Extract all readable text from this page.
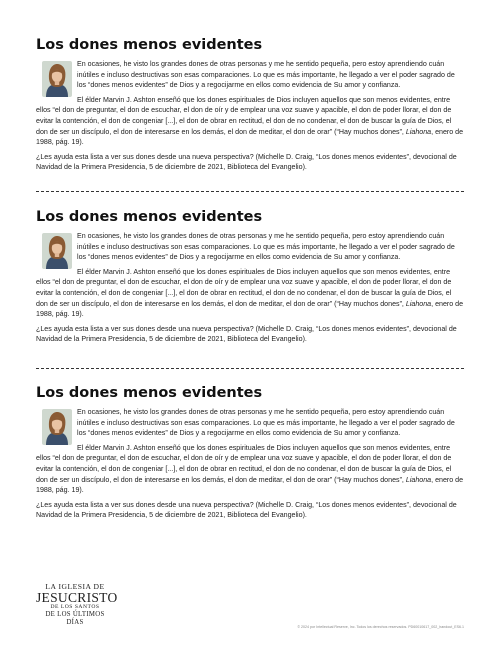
Los dones menos evidentes

En ocasiones, he visto los grandes dones de otras personas y me he sentido pequeña, pero estoy aprendiendo cuán inútiles e incluso destructivas son esas comparaciones. Lo que es más importante, he llegado a ver el poder sagrado de los “dones menos evidentes” de Dios y a regocijarme en ellos como evidencia de Su amor y confianza.

El élder Marvin J. Ashton enseñó que los dones espirituales de Dios incluyen aquellos que son menos evidentes, entre ellos “el don de preguntar, el don de escuchar, el don de oír y de emplear una voz suave y apacible, el don de poder llorar, el don de evitar la contención, el don de congeniar [...], el don de obrar en rectitud, el don de no condenar, el don de buscar la guía de Dios, el don de ser un discípulo, el don de interesarse en los demás, el don de meditar, el don de orar” (“Hay muchos dones”, Liahona, enero de 1988, pág. 19).

¿Les ayuda esta lista a ver sus dones desde una nueva perspectiva? (Michelle D. Craig, “Los dones menos evidentes”, devocional de Navidad de la Primera Presidencia, 5 de diciembre de 2021, Biblioteca del Evangelio).

Los dones menos evidentes

En ocasiones, he visto los grandes dones de otras personas y me he sentido pequeña, pero estoy aprendiendo cuán inútiles e incluso destructivas son esas comparaciones. Lo que es más importante, he llegado a ver el poder sagrado de los “dones menos evidentes” de Dios y a regocijarme en ellos como evidencia de Su amor y confianza.

El élder Marvin J. Ashton enseñó que los dones espirituales de Dios incluyen aquellos que son menos evidentes, entre ellos “el don de preguntar, el don de escuchar, el don de oír y de emplear una voz suave y apacible, el don de poder llorar, el don de evitar la contención, el don de congeniar [...], el don de obrar en rectitud, el don de no condenar, el don de buscar la guía de Dios, el don de ser un discípulo, el don de interesarse en los demás, el don de meditar, el don de orar” (“Hay muchos dones”, Liahona, enero de 1988, pág. 19).

¿Les ayuda esta lista a ver sus dones desde una nueva perspectiva? (Michelle D. Craig, “Los dones menos evidentes”, devocional de Navidad de la Primera Presidencia, 5 de diciembre de 2021, Biblioteca del Evangelio).

Los dones menos evidentes

En ocasiones, he visto los grandes dones de otras personas y me he sentido pequeña, pero estoy aprendiendo cuán inútiles e incluso destructivas son esas comparaciones. Lo que es más importante, he llegado a ver el poder sagrado de los “dones menos evidentes” de Dios y a regocijarme en ellos como evidencia de Su amor y confianza.

El élder Marvin J. Ashton enseñó que los dones espirituales de Dios incluyen aquellos que son menos evidentes, entre ellos “el don de preguntar, el don de escuchar, el don de oír y de emplear una voz suave y apacible, el don de poder llorar, el don de evitar la contención, el don de congeniar [...], el don de obrar en rectitud, el don de no condenar, el don de buscar la guía de Dios, el don de ser un discípulo, el don de interesarse en los demás, el don de meditar, el don de orar” (“Hay muchos dones”, Liahona, enero de 1988, pág. 19).

¿Les ayuda esta lista a ver sus dones desde una nueva perspectiva? (Michelle D. Craig, “Los dones menos evidentes”, devocional de Navidad de la Primera Presidencia, 5 de diciembre de 2021, Biblioteca del Evangelio).

LA IGLESIA DE
JESUCRISTO
DE LOS SANTOS
DE LOS ÚLTIMOS DÍAS
© 2024 por Intellectual Reserve, Inc. Todos los derechos reservados. PD60010617_002_handout_ES6.1
